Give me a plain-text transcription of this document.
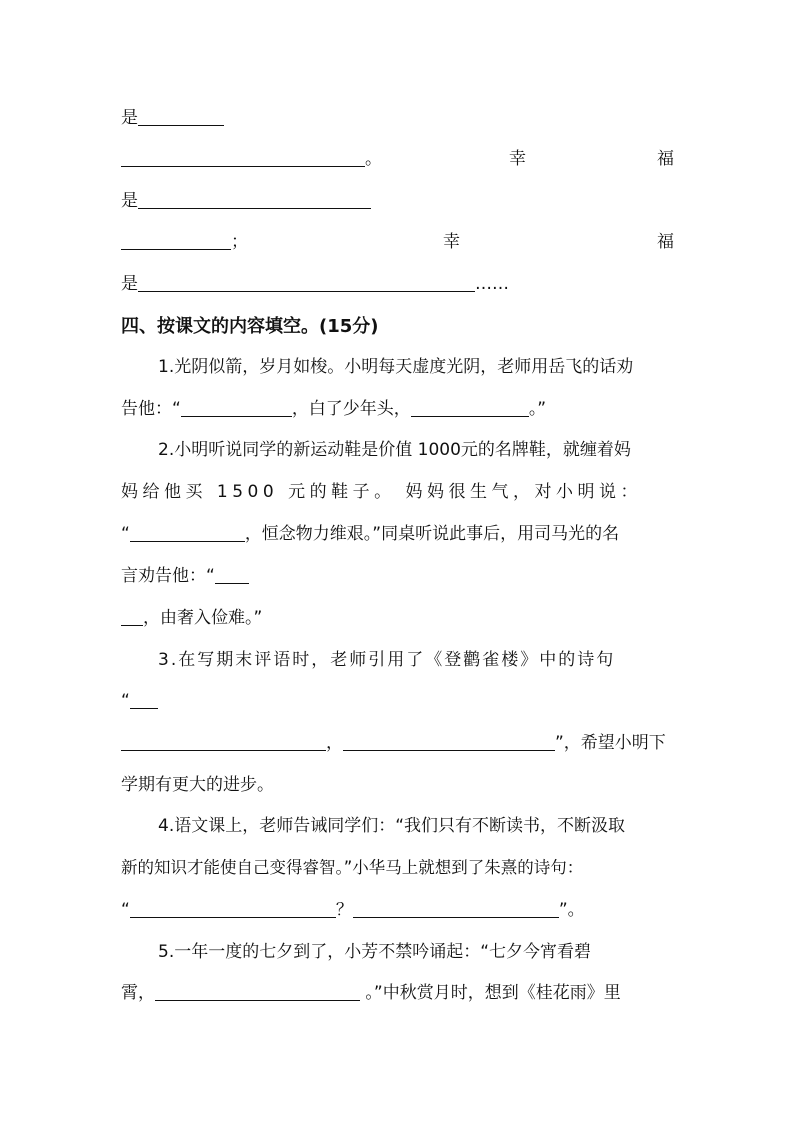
是
。	幸	福
是
；	幸	福
是	……
四、按课文的内容填空。(15分)
1.光阴似箭，岁月如梭。小明每天虚度光阴，老师用岳飞的话劝
告他：“	，白了少年头，	。”
2.小明听说同学的新运动鞋是价值 1000元的名牌鞋，就缠着妈
妈给他买 1500 元的鞋子。 妈妈很生气，对小明说：
“	，恒念物力维艰。”同桌听说此事后，用司马光的名
言劝告他：“
，由奢入俭难。”
3.在写期末评语时，老师引用了《登鹳雀楼》中的诗句
“
，	”，希望小明下
学期有更大的进步。
4.语文课上，老师告诫同学们：“我们只有不断读书，不断汲取
新的知识才能使自己变得睿智。”小华马上就想到了朱熹的诗句：
“	？	”。
5.一年一度的七夕到了，小芳不禁吟诵起：“七夕今宵看碧
霄，	。”中秋赏月时，想到《桂花雨》里
